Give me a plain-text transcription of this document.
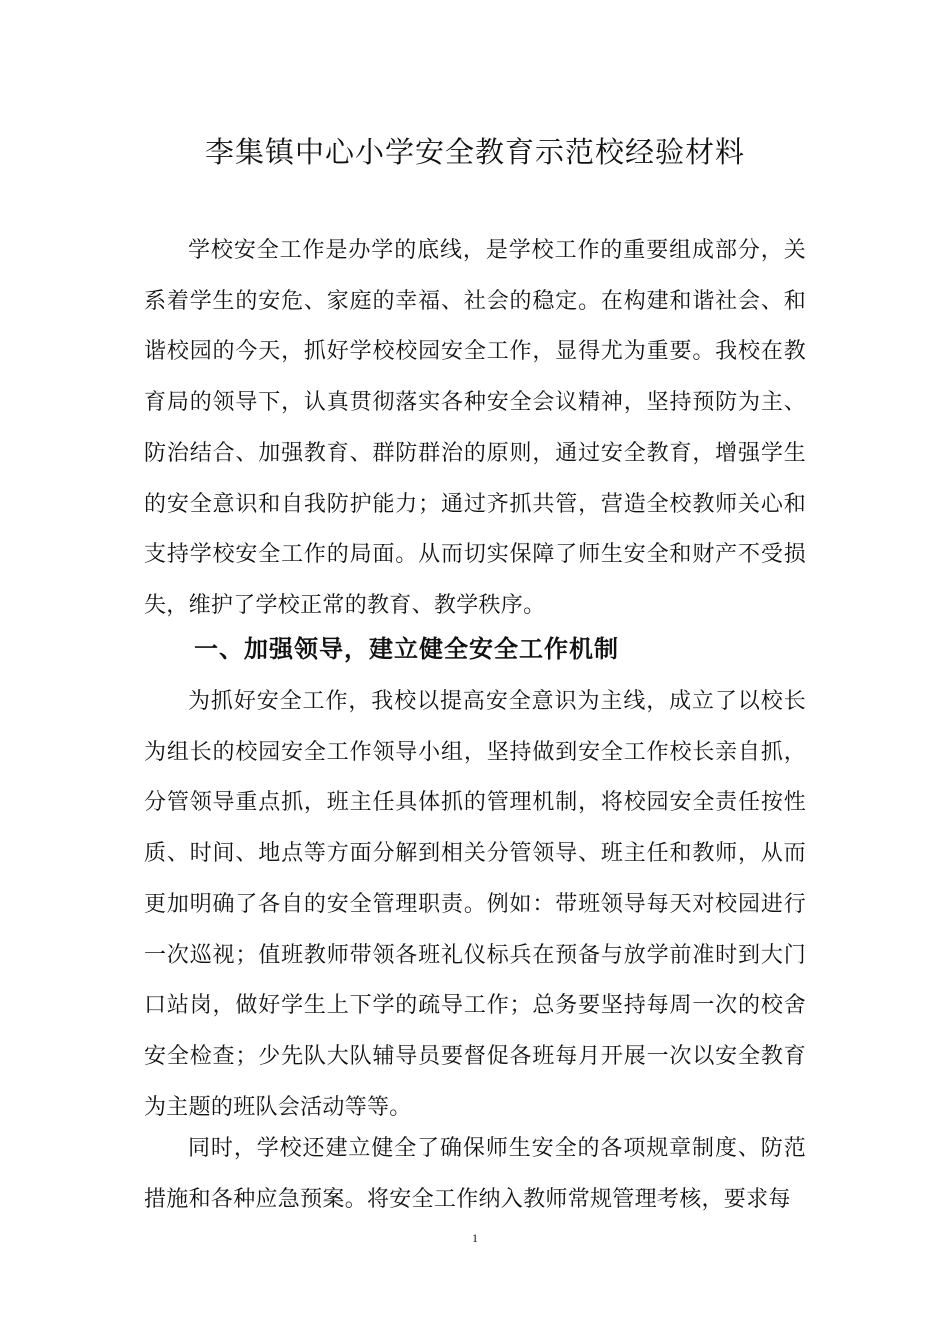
李集镇中心小学安全教育示范校经验材料

学校安全工作是办学的底线，是学校工作的重要组成部分，关系着学生的安危、家庭的幸福、社会的稳定。在构建和谐社会、和谐校园的今天，抓好学校校园安全工作，显得尤为重要。我校在教育局的领导下，认真贯彻落实各种安全会议精神，坚持预防为主、防治结合、加强教育、群防群治的原则，通过安全教育，增强学生的安全意识和自我防护能力；通过齐抓共管，营造全校教师关心和支持学校安全工作的局面。从而切实保障了师生安全和财产不受损失，维护了学校正常的教育、教学秩序。

一、加强领导，建立健全安全工作机制

为抓好安全工作，我校以提高安全意识为主线，成立了以校长为组长的校园安全工作领导小组，坚持做到安全工作校长亲自抓，分管领导重点抓，班主任具体抓的管理机制，将校园安全责任按性质、时间、地点等方面分解到相关分管领导、班主任和教师，从而更加明确了各自的安全管理职责。例如：带班领导每天对校园进行一次巡视；值班教师带领各班礼仪标兵在预备与放学前准时到大门口站岗，做好学生上下学的疏导工作；总务要坚持每周一次的校舍安全检查；少先队大队辅导员要督促各班每月开展一次以安全教育为主题的班队会活动等等。

同时，学校还建立健全了确保师生安全的各项规章制度、防范措施和各种应急预案。将安全工作纳入教师常规管理考核，要求每

1
